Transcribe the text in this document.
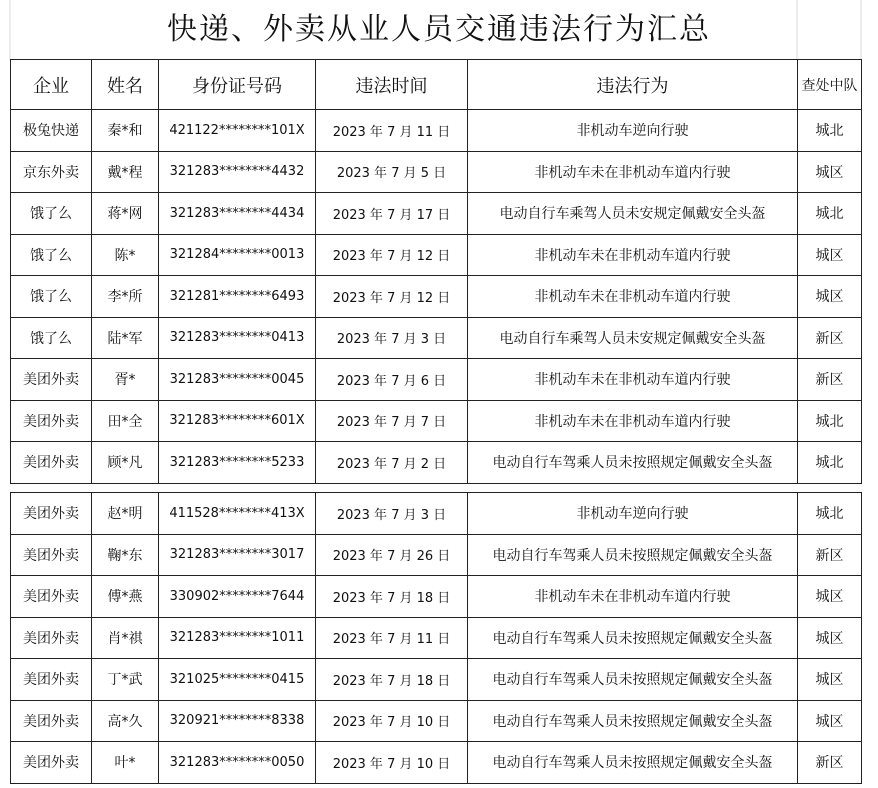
快递、外卖从业人员交通违法行为汇总
企业	姓名	身份证号码	违法时间	违法行为	查处中队
极兔快递	秦*和	421122********101X	2023 年 7 月 11 日	非机动车逆向行驶	城北
京东外卖	戴*程	321283********4432	2023 年 7 月 5 日	非机动车未在非机动车道内行驶	城区
饿了么	蒋*网	321283********4434	2023 年 7 月 17 日	电动自行车乘驾人员未安规定佩戴安全头盔	城北
饿了么	陈*	321284********0013	2023 年 7 月 12 日	非机动车未在非机动车道内行驶	城区
饿了么	李*所	321281********6493	2023 年 7 月 12 日	非机动车未在非机动车道内行驶	城区
饿了么	陆*军	321283********0413	2023 年 7 月 3 日	电动自行车乘驾人员未安规定佩戴安全头盔	新区
美团外卖	胥*	321283********0045	2023 年 7 月 6 日	非机动车未在非机动车道内行驶	新区
美团外卖	田*全	321283********601X	2023 年 7 月 7 日	非机动车未在非机动车道内行驶	城北
美团外卖	顾*凡	321283********5233	2023 年 7 月 2 日	电动自行车驾乘人员未按照规定佩戴安全头盔	城北
美团外卖	赵*明	411528********413X	2023 年 7 月 3 日	非机动车逆向行驶	城北
美团外卖	鞠*东	321283********3017	2023 年 7 月 26 日	电动自行车驾乘人员未按照规定佩戴安全头盔	新区
美团外卖	傅*燕	330902********7644	2023 年 7 月 18 日	非机动车未在非机动车道内行驶	城区
美团外卖	肖*祺	321283********1011	2023 年 7 月 11 日	电动自行车驾乘人员未按照规定佩戴安全头盔	城区
美团外卖	丁*武	321025********0415	2023 年 7 月 18 日	电动自行车驾乘人员未按照规定佩戴安全头盔	城区
美团外卖	高*久	320921********8338	2023 年 7 月 10 日	电动自行车驾乘人员未按照规定佩戴安全头盔	城区
美团外卖	叶*	321283********0050	2023 年 7 月 10 日	电动自行车驾乘人员未按照规定佩戴安全头盔	新区
